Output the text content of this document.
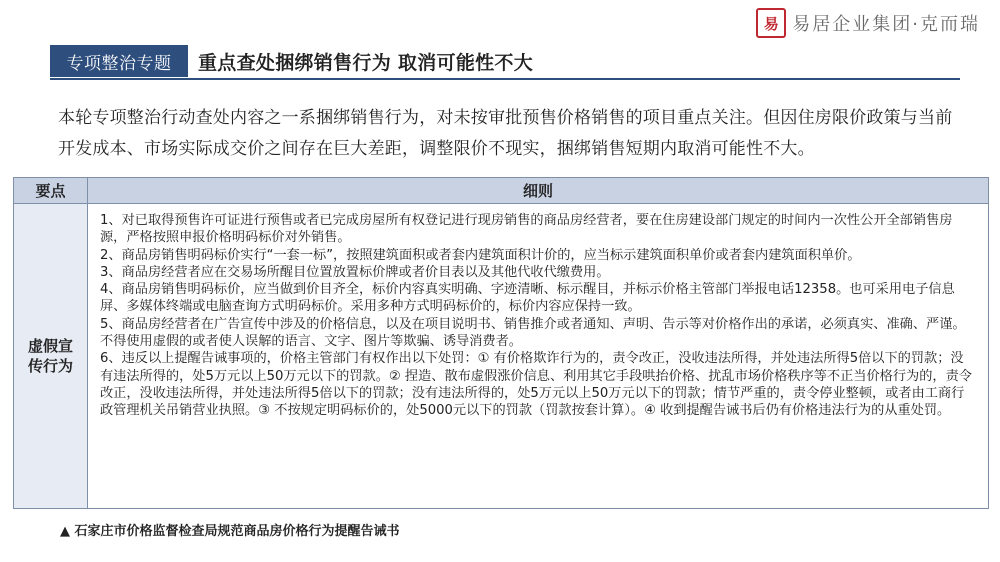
易 易居企业集团·克而瑞
专项整治专题	重点查处捆绑销售行为 取消可能性不大
本轮专项整治行动查处内容之一系捆绑销售行为，对未按审批预售价格销售的项目重点关注。但因住房限价政策与当前开发成本、市场实际成交价之间存在巨大差距，调整限价不现实，捆绑销售短期内取消可能性不大。
要点	细则
虚假宣传行为

1、对已取得预售许可证进行预售或者已完成房屋所有权登记进行现房销售的商品房经营者，要在住房建设部门规定的时间内一次性公开全部销售房源，严格按照申报价格明码标价对外销售。

2、商品房销售明码标价实行“一套一标”，按照建筑面积或者套内建筑面积计价的，应当标示建筑面积单价或者套内建筑面积单价。

3、商品房经营者应在交易场所醒目位置放置标价牌或者价目表以及其他代收代缴费用。

4、商品房销售明码标价，应当做到价目齐全，标价内容真实明确、字迹清晰、标示醒目，并标示价格主管部门举报电话12358。也可采用电子信息屏、多媒体终端或电脑查询方式明码标价。采用多种方式明码标价的，标价内容应保持一致。

5、商品房经营者在广告宣传中涉及的价格信息，以及在项目说明书、销售推介或者通知、声明、告示等对价格作出的承诺，必须真实、准确、严谨。不得使用虚假的或者使人误解的语言、文字、图片等欺骗、诱导消费者。

6、违反以上提醒告诫事项的，价格主管部门有权作出以下处罚：① 有价格欺诈行为的，责令改正，没收违法所得，并处违法所得5倍以下的罚款；没有违法所得的，处5万元以上50万元以下的罚款。② 捏造、散布虚假涨价信息、利用其它手段哄抬价格、扰乱市场价格秩序等不正当价格行为的，责令改正，没收违法所得，并处违法所得5倍以下的罚款；没有违法所得的，处5万元以上50万元以下的罚款；情节严重的，责令停业整顿，或者由工商行政管理机关吊销营业执照。③ 不按规定明码标价的，处5000元以下的罚款（罚款按套计算）。④ 收到提醒告诫书后仍有价格违法行为的从重处罚。

▲ 石家庄市价格监督检查局规范商品房价格行为提醒告诫书
